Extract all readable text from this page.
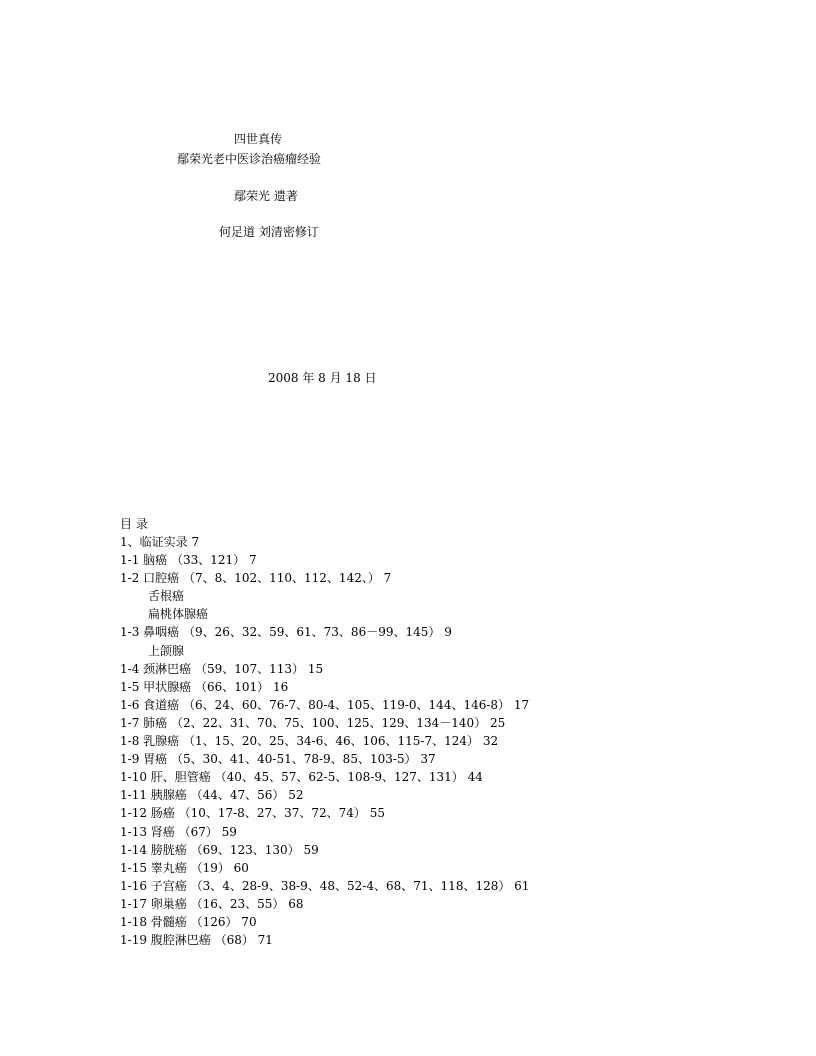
四世真传
鄢荣光老中医诊治癌瘤经验
鄢荣光 遗著
何足道 刘清密修订
2008 年 8 月 18 日
目 录
1、临证实录 7
1-1 脑癌 （33、121） 7
1-2 口腔癌 （7、8、102、110、112、142、） 7
舌根癌
扁桃体腺癌
1-3 鼻咽癌 （9、26、32、59、61、73、86－99、145） 9
上颌腺
1-4 颈淋巴癌 （59、107、113） 15
1-5 甲状腺癌 （66、101） 16
1-6 食道癌 （6、24、60、76-7、80-4、105、119-0、144、146-8） 17
1-7 肺癌 （2、22、31、70、75、100、125、129、134－140） 25
1-8 乳腺癌 （1、15、20、25、34-6、46、106、115-7、124） 32
1-9 胃癌 （5、30、41、40-51、78-9、85、103-5） 37
1-10 肝、胆管癌 （40、45、57、62-5、108-9、127、131） 44
1-11 胰腺癌 （44、47、56） 52
1-12 肠癌 （10、17-8、27、37、72、74） 55
1-13 肾癌 （67） 59
1-14 膀胱癌 （69、123、130） 59
1-15 睾丸癌 （19） 60
1-16 子宫癌 （3、4、28-9、38-9、48、52-4、68、71、118、128） 61
1-17 卵巢癌 （16、23、55） 68
1-18 骨髓癌 （126） 70
1-19 腹腔淋巴癌 （68） 71
